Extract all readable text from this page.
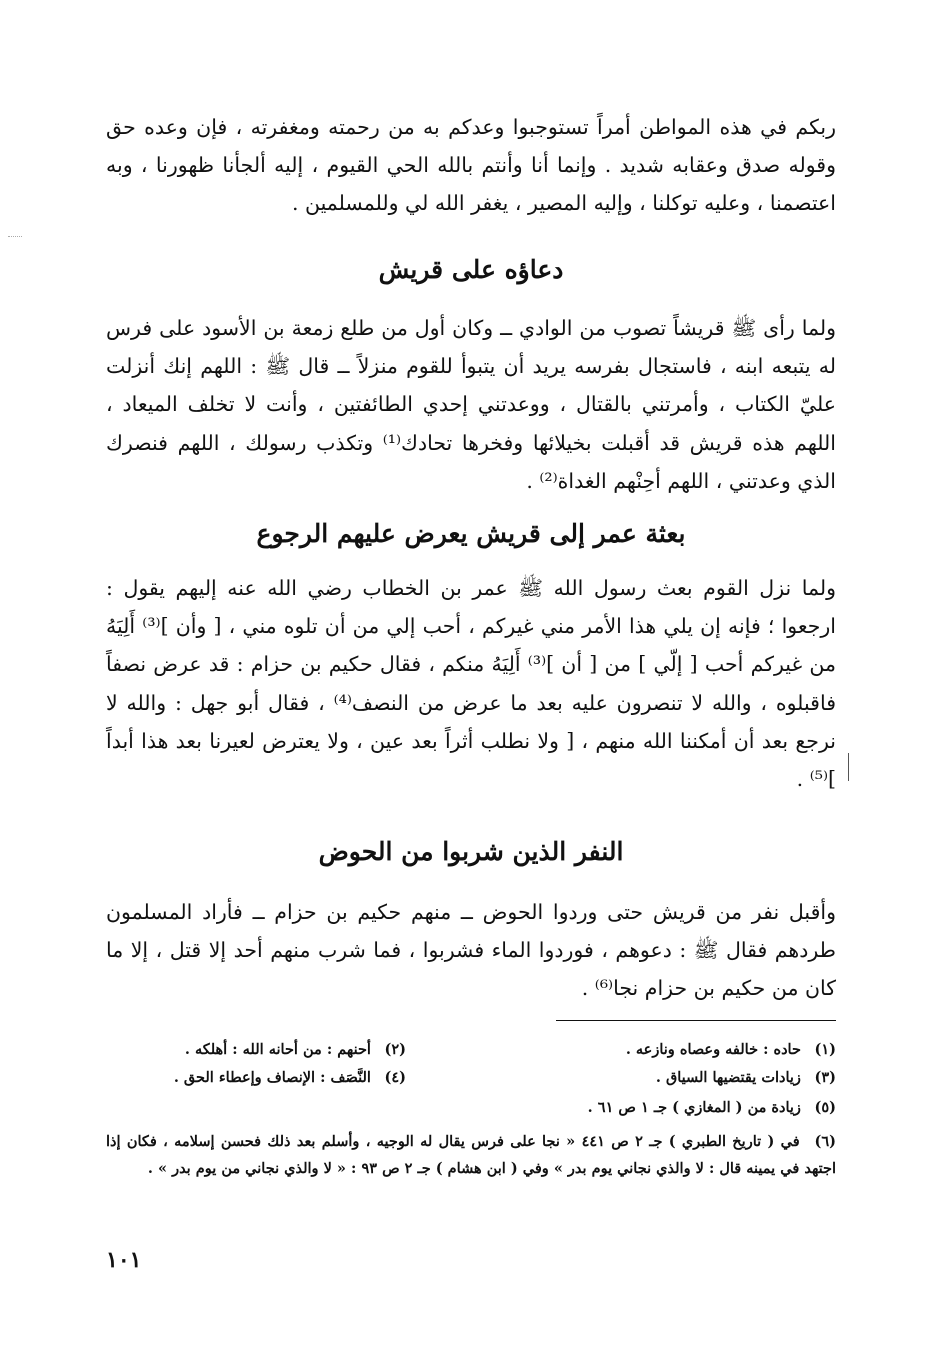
ربكم في هذه المواطن أمراً تستوجبوا وعدكم به من رحمته ومغفرته ، فإن وعده حق وقوله صدق وعقابه شديد . وإنما أنا وأنتم بالله الحي القيوم ، إليه ألجأنا ظهورنا ، وبه اعتصمنا ، وعليه توكلنا ، وإليه المصير ، يغفر الله لي وللمسلمين .

دعاؤه على قريش

ولما رأى ﷺ قريشاً تصوب من الوادي ــ وكان أول من طلع زمعة بن الأسود على فرس له يتبعه ابنه ، فاستجال بفرسه يريد أن يتبوأ للقوم منزلاً ــ قال ﷺ : اللهم إنك أنزلت عليّ الكتاب ، وأمرتني بالقتال ، ووعدتني إحدي الطائفتين ، وأنت لا تخلف الميعاد ، اللهم هذه قريش قد أقبلت بخيلائها وفخرها تحادك⁽¹⁾ وتكذب رسولك ، اللهم فنصرك الذي وعدتني ، اللهم أحِنْهم الغداة⁽²⁾ .

بعثة عمر إلى قريش يعرض عليهم الرجوع

ولما نزل القوم بعث رسول الله ﷺ عمر بن الخطاب رضي الله عنه إليهم يقول : ارجعوا ؛ فإنه إن يلي هذا الأمر مني غيركم ، أحب إلي من أن تلوه مني ، [ وأن ]⁽³⁾ أَلِيَهُ من غيركم أحب [ إلّي ] من [ أن ]⁽³⁾ أَلِيَهُ منكم ، فقال حكيم بن حزام : قد عرض نصفاً فاقبلوه ، والله لا تنصرون عليه بعد ما عرض من النصف⁽⁴⁾ ، فقال أبو جهل : والله لا نرجع بعد أن أمكننا الله منهم ، [ ولا نطلب أثراً بعد عين ، ولا يعترض لعيرنا بعد هذا أبداً ]⁽⁵⁾ .

النفر الذين شربوا من الحوض

وأقبل نفر من قريش حتى وردوا الحوض ــ منهم حكيم بن حزام ــ فأراد المسلمون طردهم فقال ﷺ : دعوهم ، فوردوا الماء فشربوا ، فما شرب منهم أحد إلا قتل ، إلا ما كان من حكيم بن حزام نجا⁽⁶⁾ .

(١) حاده : خالفه وعصاه ونازعه .
(٢) أحنهم : من أحانه الله : أهلكه .
(٣) زيادات يقتضيها السياق .
(٤) النَّصَف : الإنصاف وإعطاء الحق .
(٥) زيادة من ( المغازي ) جـ ١ ص ٦١ .
(٦) في ( تاريخ الطبري ) جـ ٢ ص ٤٤١ « نجا على فرس يقال له الوجيه ، وأسلم بعد ذلك فحسن إسلامه ، فكان إذا اجتهد في يمينه قال : لا والذي نجاني يوم بدر » وفي ( ابن هشام ) جـ ٢ ص ٩٣ : « لا والذي نجاني من يوم بدر » .
١٠١
